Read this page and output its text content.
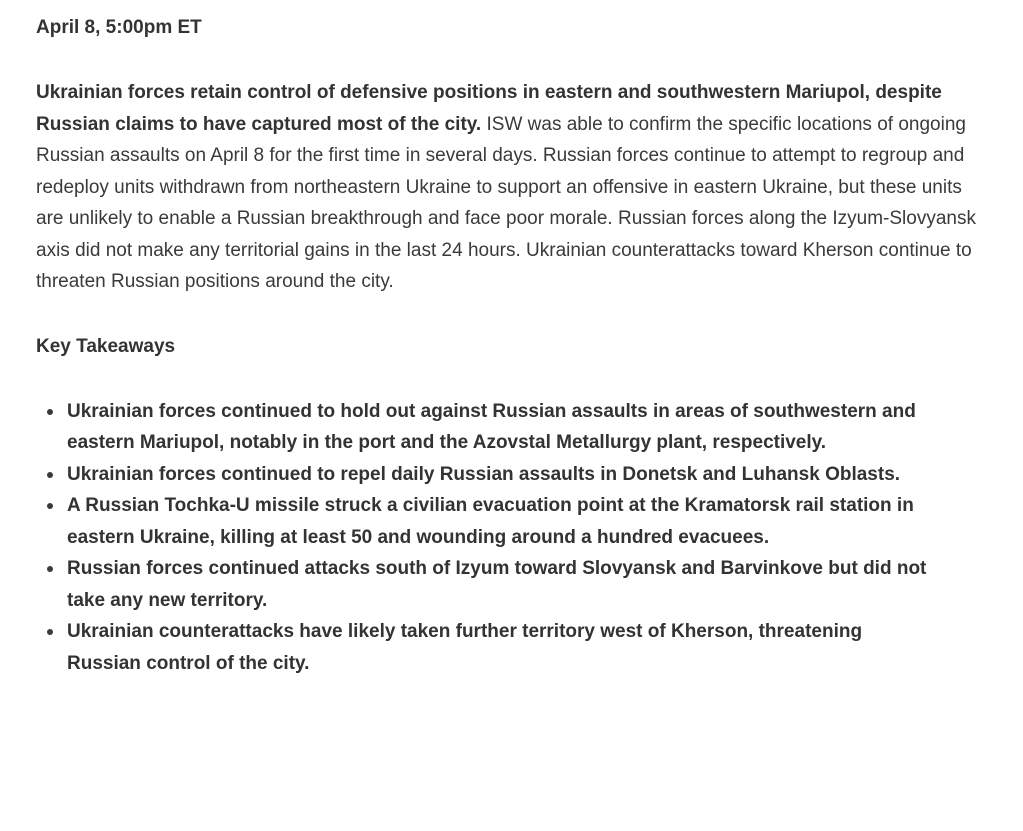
April 8, 5:00pm ET

Ukrainian forces retain control of defensive positions in eastern and southwestern Mariupol, despite Russian claims to have captured most of the city. ISW was able to confirm the specific locations of ongoing Russian assaults on April 8 for the first time in several days. Russian forces continue to attempt to regroup and redeploy units withdrawn from northeastern Ukraine to support an offensive in eastern Ukraine, but these units are unlikely to enable a Russian breakthrough and face poor morale. Russian forces along the Izyum-Slovyansk axis did not make any territorial gains in the last 24 hours. Ukrainian counterattacks toward Kherson continue to threaten Russian positions around the city.

Key Takeaways

Ukrainian forces continued to hold out against Russian assaults in areas of southwestern and eastern Mariupol, notably in the port and the Azovstal Metallurgy plant, respectively.
Ukrainian forces continued to repel daily Russian assaults in Donetsk and Luhansk Oblasts.
A Russian Tochka-U missile struck a civilian evacuation point at the Kramatorsk rail station in eastern Ukraine, killing at least 50 and wounding around a hundred evacuees.
Russian forces continued attacks south of Izyum toward Slovyansk and Barvinkove but did not take any new territory.
Ukrainian counterattacks have likely taken further territory west of Kherson, threatening Russian control of the city.
